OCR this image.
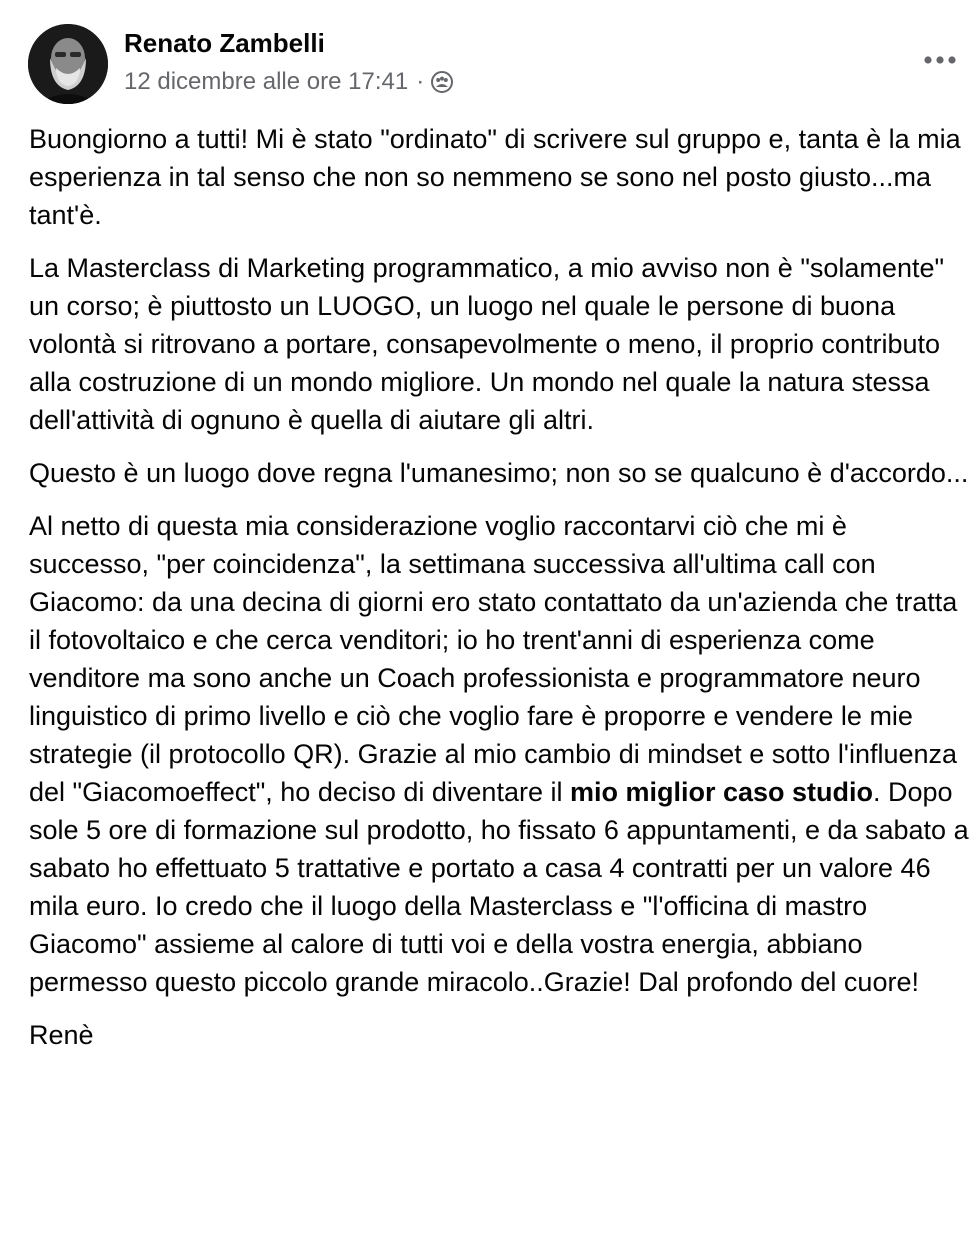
Renato Zambelli
12 dicembre alle ore 17:41 ·

Buongiorno a tutti! Mi è stato "ordinato" di scrivere sul gruppo e, tanta è la mia esperienza in tal senso che non so nemmeno se sono nel posto giusto...ma tant'è.

La Masterclass di Marketing programmatico, a mio avviso non è "solamente" un corso; è piuttosto un LUOGO, un luogo nel quale le persone di buona volontà si ritrovano a portare, consapevolmente o meno, il proprio contributo alla costruzione di un mondo migliore. Un mondo nel quale la natura stessa dell'attività di ognuno è quella di aiutare gli altri.

Questo è un luogo dove regna l'umanesimo; non so se qualcuno è d'accordo...

Al netto di questa mia considerazione voglio raccontarvi ciò che mi è successo, "per coincidenza", la settimana successiva all'ultima call con Giacomo: da una decina di giorni ero stato contattato da un'azienda che tratta il fotovoltaico e che cerca venditori; io ho trent'anni di esperienza come venditore ma sono anche un Coach professionista e programmatore neuro linguistico di primo livello e ciò che voglio fare è proporre e vendere le mie strategie (il protocollo QR). Grazie al mio cambio di mindset e sotto l'influenza del "Giacomoeffect", ho deciso di diventare il mio miglior caso studio. Dopo sole 5 ore di formazione sul prodotto, ho fissato 6 appuntamenti, e da sabato a sabato ho effettuato 5 trattative e portato a casa 4 contratti per un valore 46 mila euro. Io credo che il luogo della Masterclass e "l'officina di mastro Giacomo" assieme al calore di tutti voi e della vostra energia, abbiano permesso questo piccolo grande miracolo..Grazie! Dal profondo del cuore!

Renè
